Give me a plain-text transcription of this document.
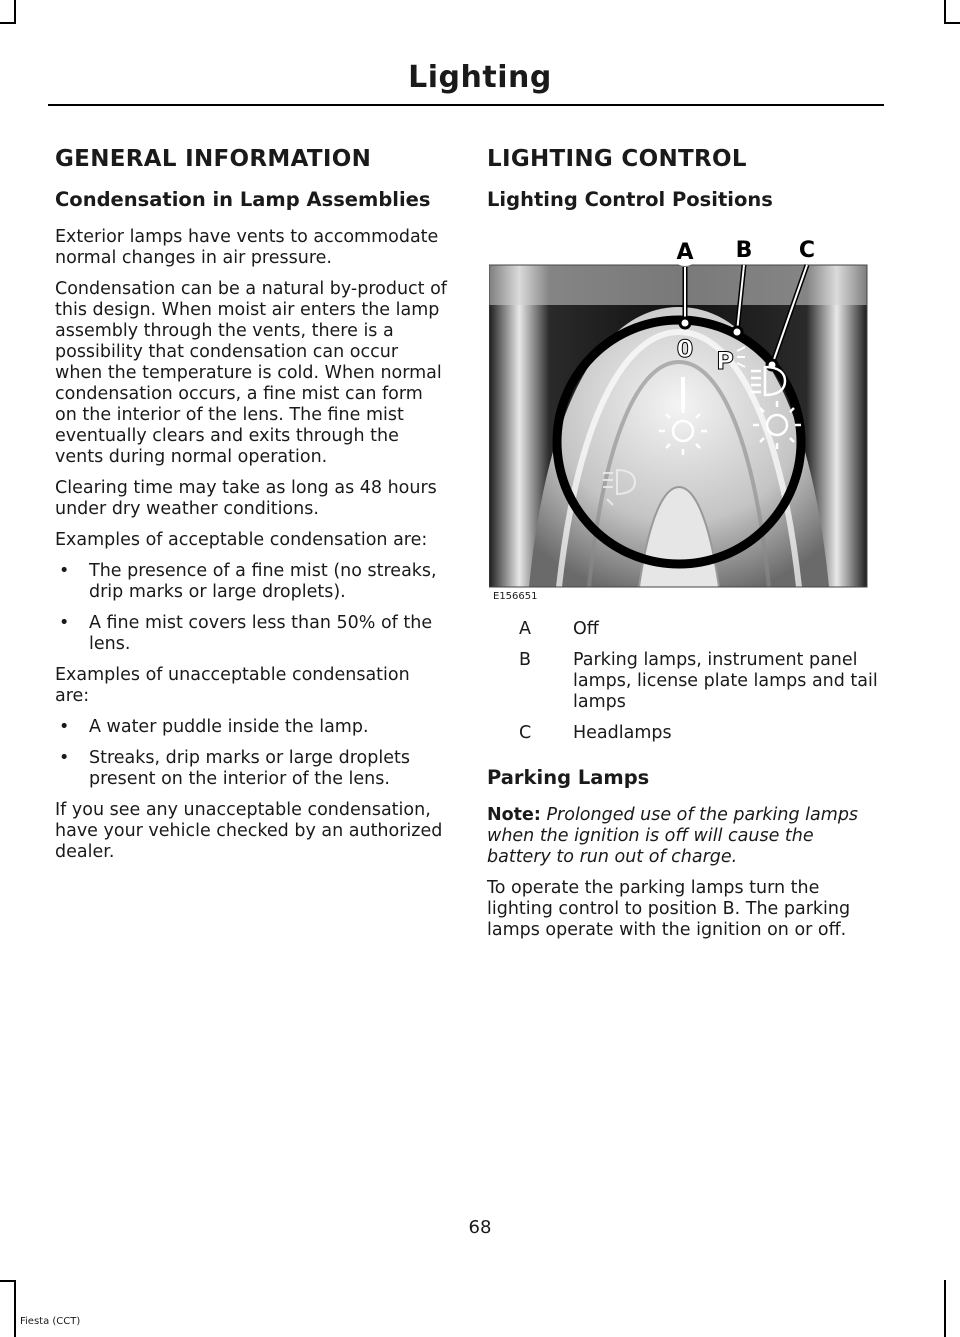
Lighting
GENERAL INFORMATION
Condensation in Lamp Assemblies

Exterior lamps have vents to accommodate normal changes in air pressure.

Condensation can be a natural by-product of this design. When moist air enters the lamp assembly through the vents, there is a possibility that condensation can occur when the temperature is cold. When normal condensation occurs, a fine mist can form on the interior of the lens. The fine mist eventually clears and exits through the vents during normal operation.

Clearing time may take as long as 48 hours under dry weather conditions.

Examples of acceptable condensation are:

• The presence of a fine mist (no streaks, drip marks or large droplets).
• A fine mist covers less than 50% of the lens.

Examples of unacceptable condensation are:

• A water puddle inside the lamp.
• Streaks, drip marks or large droplets present on the interior of the lens.

If you see any unacceptable condensation, have your vehicle checked by an authorized dealer.

LIGHTING CONTROL
Lighting Control Positions
A B C
0 P
E156651
A	Off
B	Parking lamps, instrument panel lamps, license plate lamps and tail lamps
C	Headlamps
Parking Lamps

Note: Prolonged use of the parking lamps when the ignition is off will cause the battery to run out of charge.

To operate the parking lamps turn the lighting control to position B. The parking lamps operate with the ignition on or off.

68
Fiesta (CCT)
